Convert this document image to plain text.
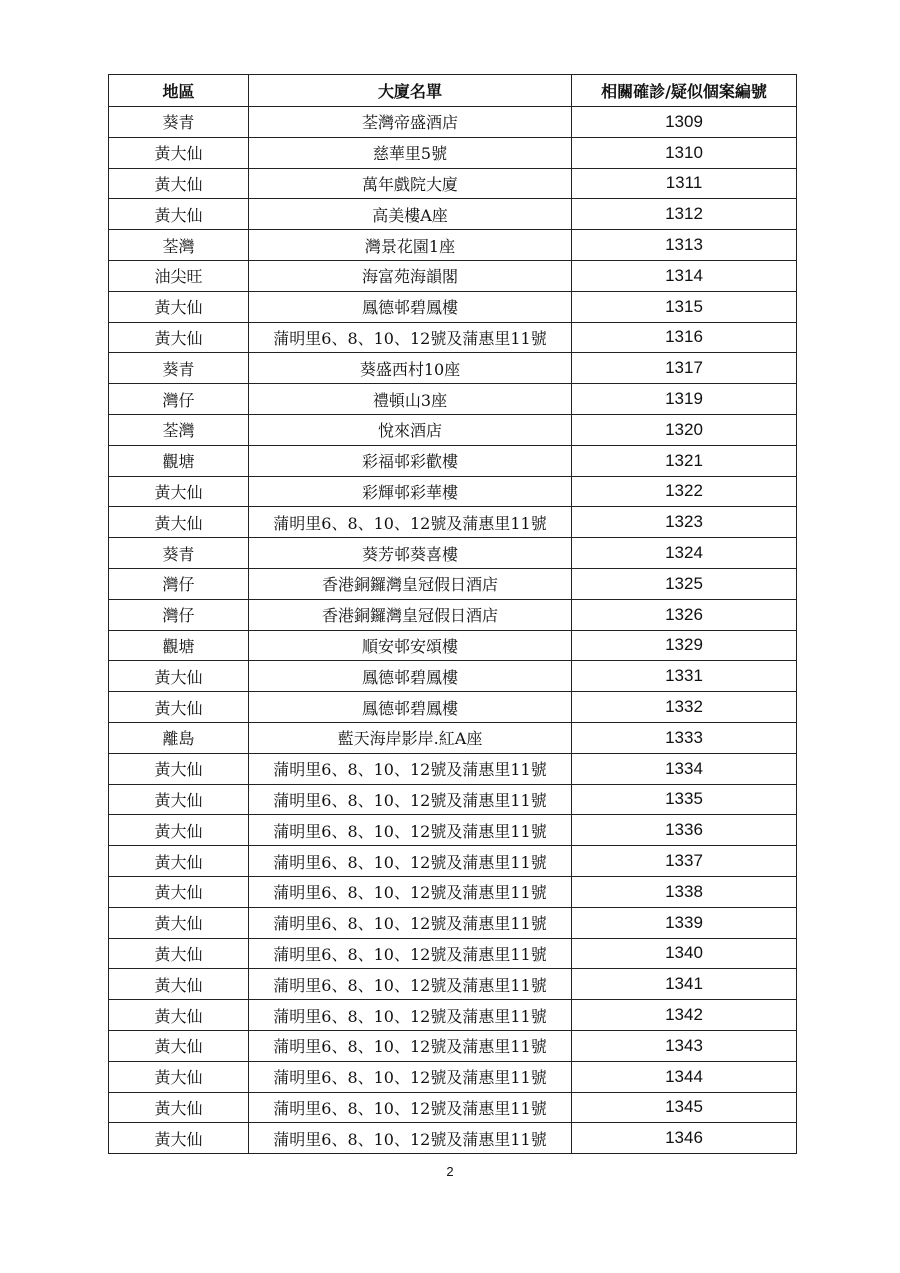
地區	大廈名單	相關確診/疑似個案編號
葵青	荃灣帝盛酒店	1309
黃大仙	慈華里5號	1310
黃大仙	萬年戲院大廈	1311
黃大仙	高美樓A座	1312
荃灣	灣景花園1座	1313
油尖旺	海富苑海韻閣	1314
黃大仙	鳳德邨碧鳳樓	1315
黃大仙	蒲明里6、8、10、12號及蒲惠里11號	1316
葵青	葵盛西村10座	1317
灣仔	禮頓山3座	1319
荃灣	悅來酒店	1320
觀塘	彩福邨彩歡樓	1321
黃大仙	彩輝邨彩華樓	1322
黃大仙	蒲明里6、8、10、12號及蒲惠里11號	1323
葵青	葵芳邨葵喜樓	1324
灣仔	香港銅鑼灣皇冠假日酒店	1325
灣仔	香港銅鑼灣皇冠假日酒店	1326
觀塘	順安邨安頌樓	1329
黃大仙	鳳德邨碧鳳樓	1331
黃大仙	鳳德邨碧鳳樓	1332
離島	藍天海岸影岸.紅A座	1333
黃大仙	蒲明里6、8、10、12號及蒲惠里11號	1334
黃大仙	蒲明里6、8、10、12號及蒲惠里11號	1335
黃大仙	蒲明里6、8、10、12號及蒲惠里11號	1336
黃大仙	蒲明里6、8、10、12號及蒲惠里11號	1337
黃大仙	蒲明里6、8、10、12號及蒲惠里11號	1338
黃大仙	蒲明里6、8、10、12號及蒲惠里11號	1339
黃大仙	蒲明里6、8、10、12號及蒲惠里11號	1340
黃大仙	蒲明里6、8、10、12號及蒲惠里11號	1341
黃大仙	蒲明里6、8、10、12號及蒲惠里11號	1342
黃大仙	蒲明里6、8、10、12號及蒲惠里11號	1343
黃大仙	蒲明里6、8、10、12號及蒲惠里11號	1344
黃大仙	蒲明里6、8、10、12號及蒲惠里11號	1345
黃大仙	蒲明里6、8、10、12號及蒲惠里11號	1346
2
